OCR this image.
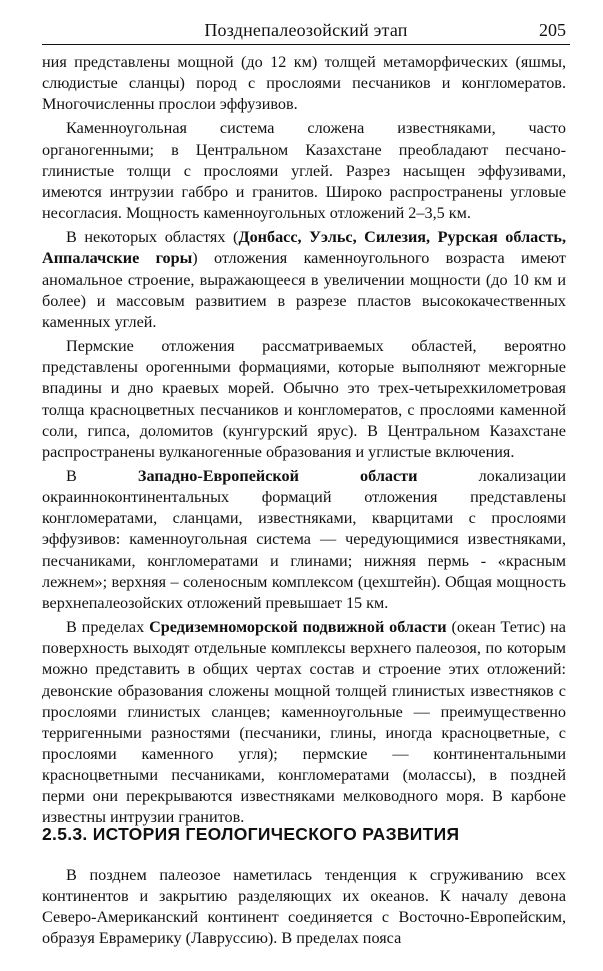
Позднепалеозойский этап	205

ния представлены мощной (до 12 км) толщей метаморфических (яшмы, слюдистые сланцы) пород с прослоями песчаников и конгломератов. Многочисленны прослои эффузивов.

Каменноугольная система сложена известняками, часто органогенными; в Центральном Казахстане преобладают песчано-глинистые толщи с прослоями углей. Разрез насыщен эффузивами, имеются интрузии габбро и гранитов. Широко распространены угловые несогласия. Мощность каменноугольных отложений 2–3,5 км.

В некоторых областях (Донбасс, Уэльс, Силезия, Рурская область, Аппалачские горы) отложения каменноугольного возраста имеют аномальное строение, выражающееся в увеличении мощности (до 10 км и более) и массовым развитием в разрезе пластов высококачественных каменных углей.

Пермские отложения рассматриваемых областей, вероятно представлены орогенными формациями, которые выполняют межгорные впадины и дно краевых морей. Обычно это трех-четырехкилометровая толща красноцветных песчаников и конгломератов, с прослоями каменной соли, гипса, доломитов (кунгурский ярус). В Центральном Казахстане распространены вулканогенные образования и углистые включения.

В Западно-Европейской области локализации окраинноконтинентальных формаций отложения представлены конгломератами, сланцами, известняками, кварцитами с прослоями эффузивов: каменноугольная система — чередующимися известняками, песчаниками, конгломератами и глинами; нижняя пермь - «красным лежнем»; верхняя – соленосным комплексом (цехштейн). Общая мощность верхнепалеозойских отложений превышает 15 км.

В пределах Средиземноморской подвижной области (океан Тетис) на поверхность выходят отдельные комплексы верхнего палеозоя, по которым можно представить в общих чертах состав и строение этих отложений: девонские образования сложены мощной толщей глинистых известняков с прослоями глинистых сланцев; каменноугольные — преимущественно терригенными разностями (песчаники, глины, иногда красноцветные, с прослоями каменного угля); пермские — континентальными красноцветными песчаниками, конгломератами (молассы), в поздней перми они перекрываются известняками мелководного моря. В карбоне известны интрузии гранитов.

2.5.3. ИСТОРИЯ ГЕОЛОГИЧЕСКОГО РАЗВИТИЯ

В позднем палеозое наметилась тенденция к сгруживанию всех континентов и закрытию разделяющих их океанов. К началу девона Северо-Американский континент соединяется с Восточно-Европейским, образуя Еврамерику (Лавруссию). В пределах пояса
